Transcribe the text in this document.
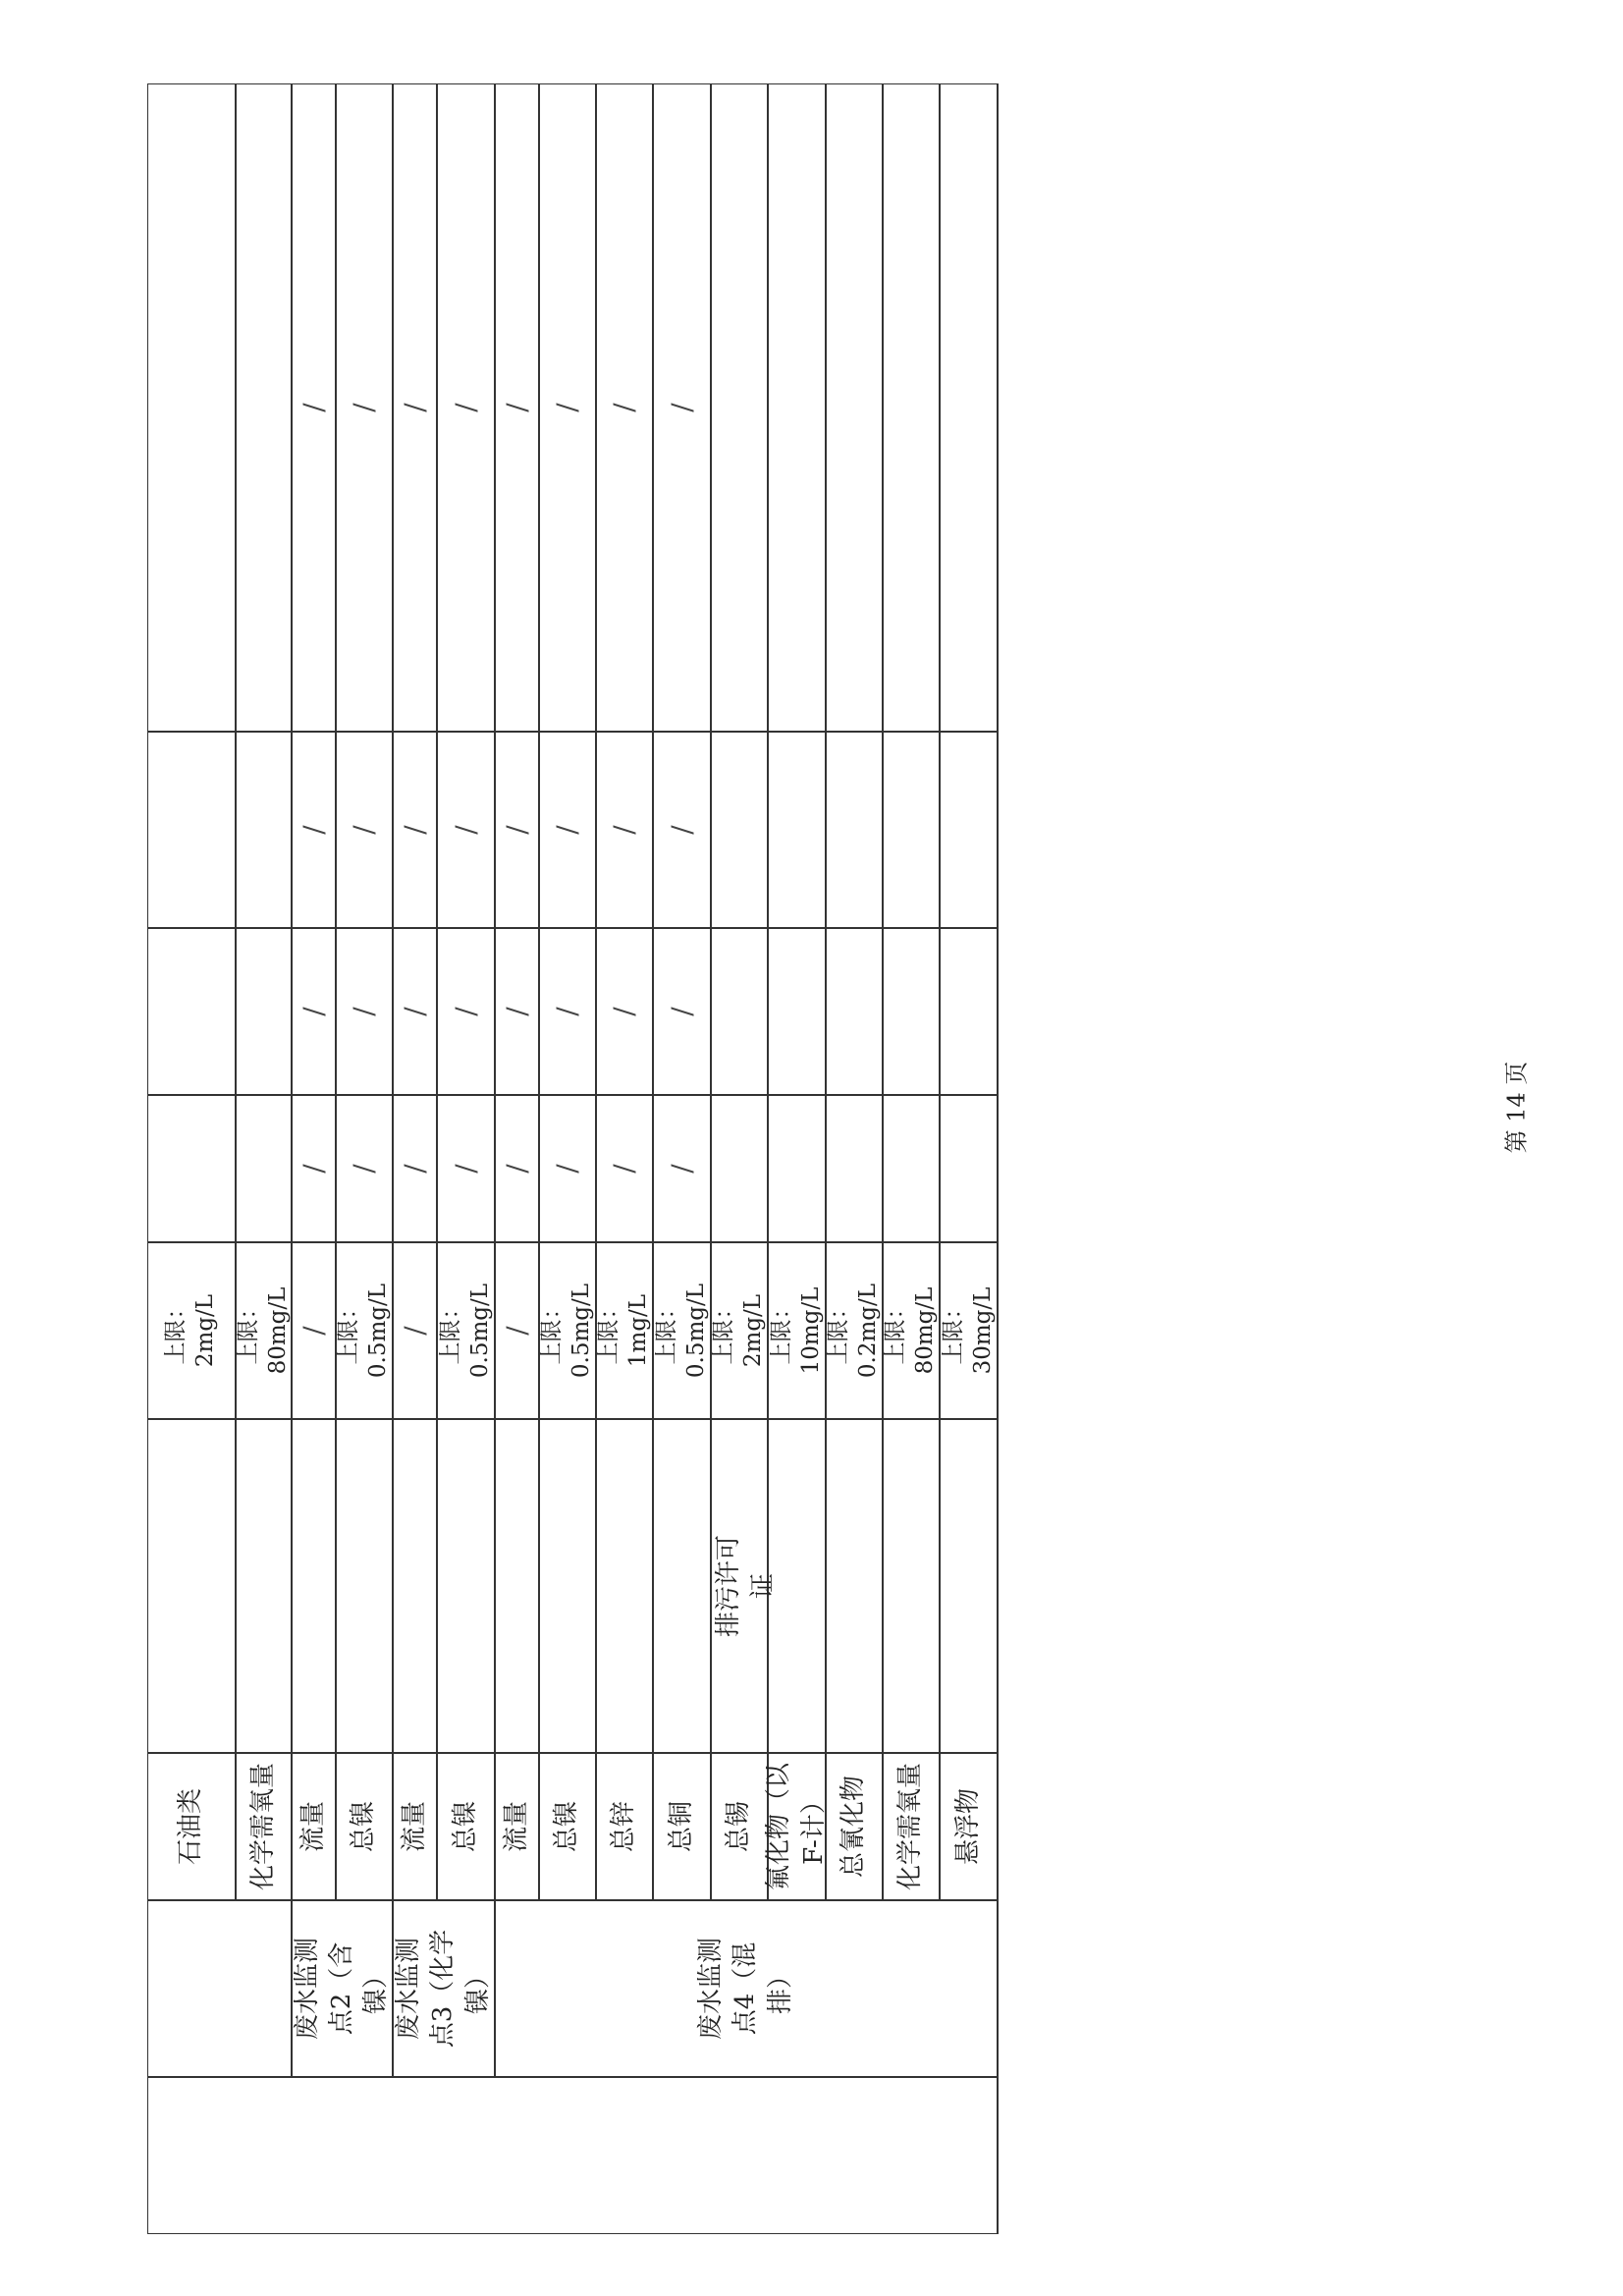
废水监测
点2（含
镍） 废水监测
点3（化学
镍）	废水监测
点4（混
排）
排污许可
证
石油类
上限：
2mg/L
化学需氧量
上限：
80mg/L
流量
/
/
/
/
/
总镍
上限：
0.5mg/L
/
/
/
/
流量
/
/
/
/
/
总镍
上限：
0.5mg/L
/
/
/
/
流量
/
/
/
/
/
总镍
上限：
0.5mg/L
/
/
/
/
总锌
上限：
1mg/L
/
/
/
/
总铜
上限：
0.5mg/L
/
/
/
/
总锡
上限：
2mg/L
氟化物（以
F-计）
上限：
10mg/L
总氰化物
上限：
0.2mg/L
化学需氧量
上限：
80mg/L
悬浮物
上限：
30mg/L
第 14 页
